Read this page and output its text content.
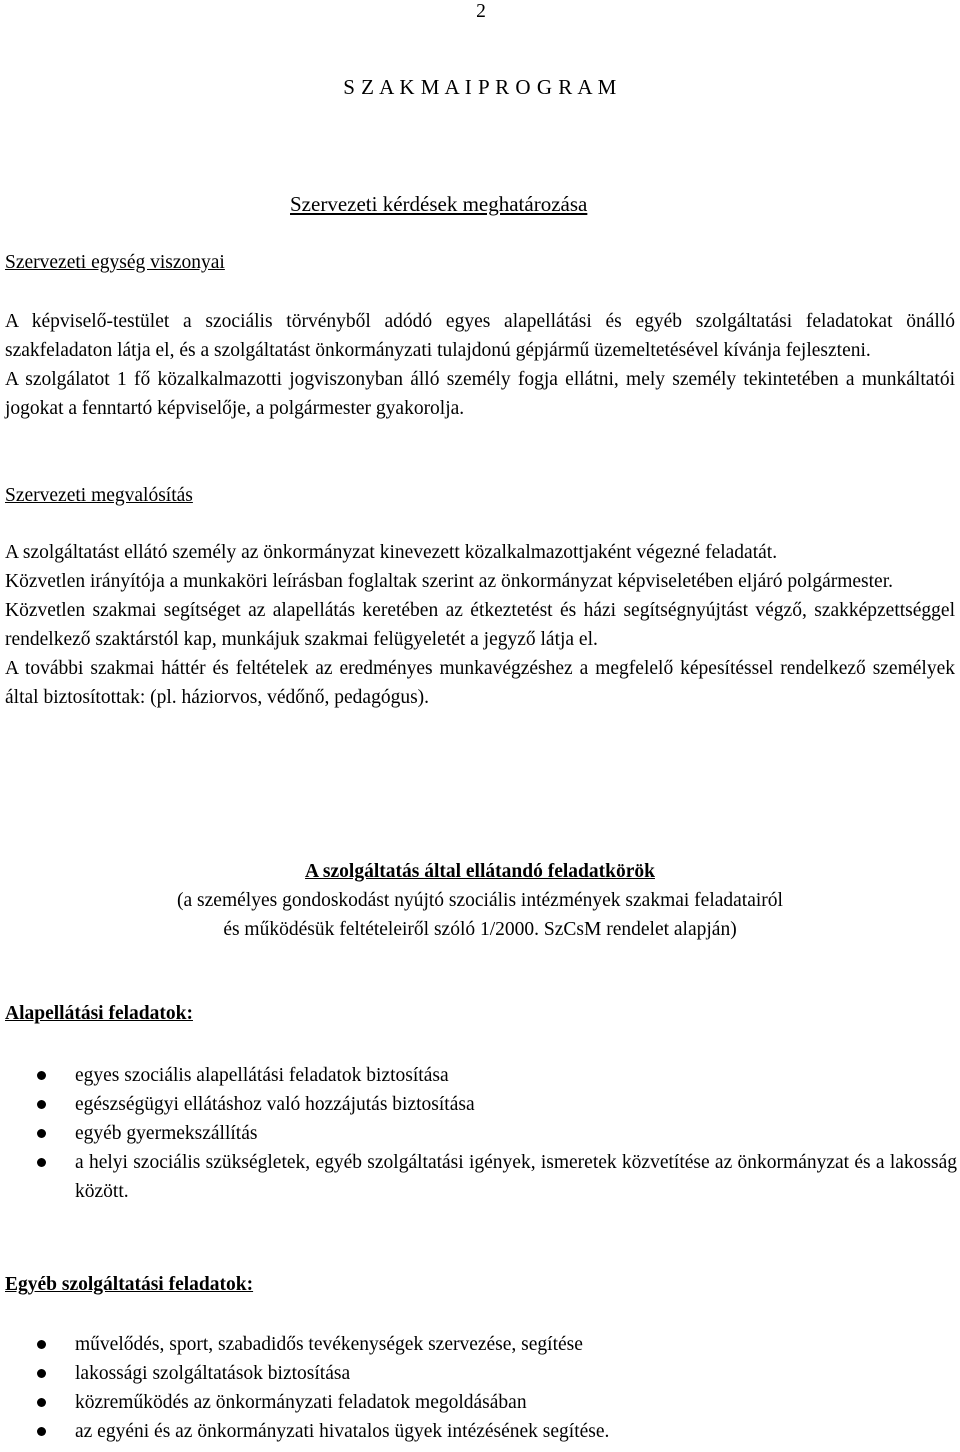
2
S Z A K M A I P R O G R A M
Szervezeti kérdések meghatározása

Szervezeti egység viszonyai

A képviselő-testület a szociális törvényből adódó egyes alapellátási és egyéb szolgáltatási feladatokat önálló szakfeladaton látja el, és a szolgáltatást önkormányzati tulajdonú gépjármű üzemeltetésével kívánja fejleszteni.

A szolgálatot 1 fő közalkalmazotti jogviszonyban álló személy fogja ellátni, mely személy tekintetében a munkáltatói jogokat a fenntartó képviselője, a polgármester gyakorolja.

Szervezeti megvalósítás

A szolgáltatást ellátó személy az önkormányzat kinevezett közalkalmazottjaként végezné feladatát.

Közvetlen irányítója a munkaköri leírásban foglaltak szerint az önkormányzat képviseletében eljáró polgármester.

Közvetlen szakmai segítséget az alapellátás keretében az étkeztetést és házi segítségnyújtást végző, szakképzettséggel rendelkező szaktárstól kap, munkájuk szakmai felügyeletét a jegyző látja el.

A további szakmai háttér és feltételek az eredményes munkavégzéshez a megfelelő képesítéssel rendelkező személyek által biztosítottak: (pl. háziorvos, védőnő, pedagógus).

A szolgáltatás által ellátandó feladatkörök

(a személyes gondoskodást nyújtó szociális intézmények szakmai feladatairól

és működésük feltételeiről szóló 1/2000. SzCsM rendelet alapján)

Alapellátási feladatok:

egyes szociális alapellátási feladatok biztosítása
egészségügyi ellátáshoz való hozzájutás biztosítása
egyéb gyermekszállítás
a helyi szociális szükségletek, egyéb szolgáltatási igények, ismeretek közvetítése az önkormányzat és a lakosság között.

Egyéb szolgáltatási feladatok:

művelődés, sport, szabadidős tevékenységek szervezése, segítése
lakossági szolgáltatások biztosítása
közreműködés az önkormányzati feladatok megoldásában
az egyéni és az önkormányzati hivatalos ügyek intézésének segítése.
